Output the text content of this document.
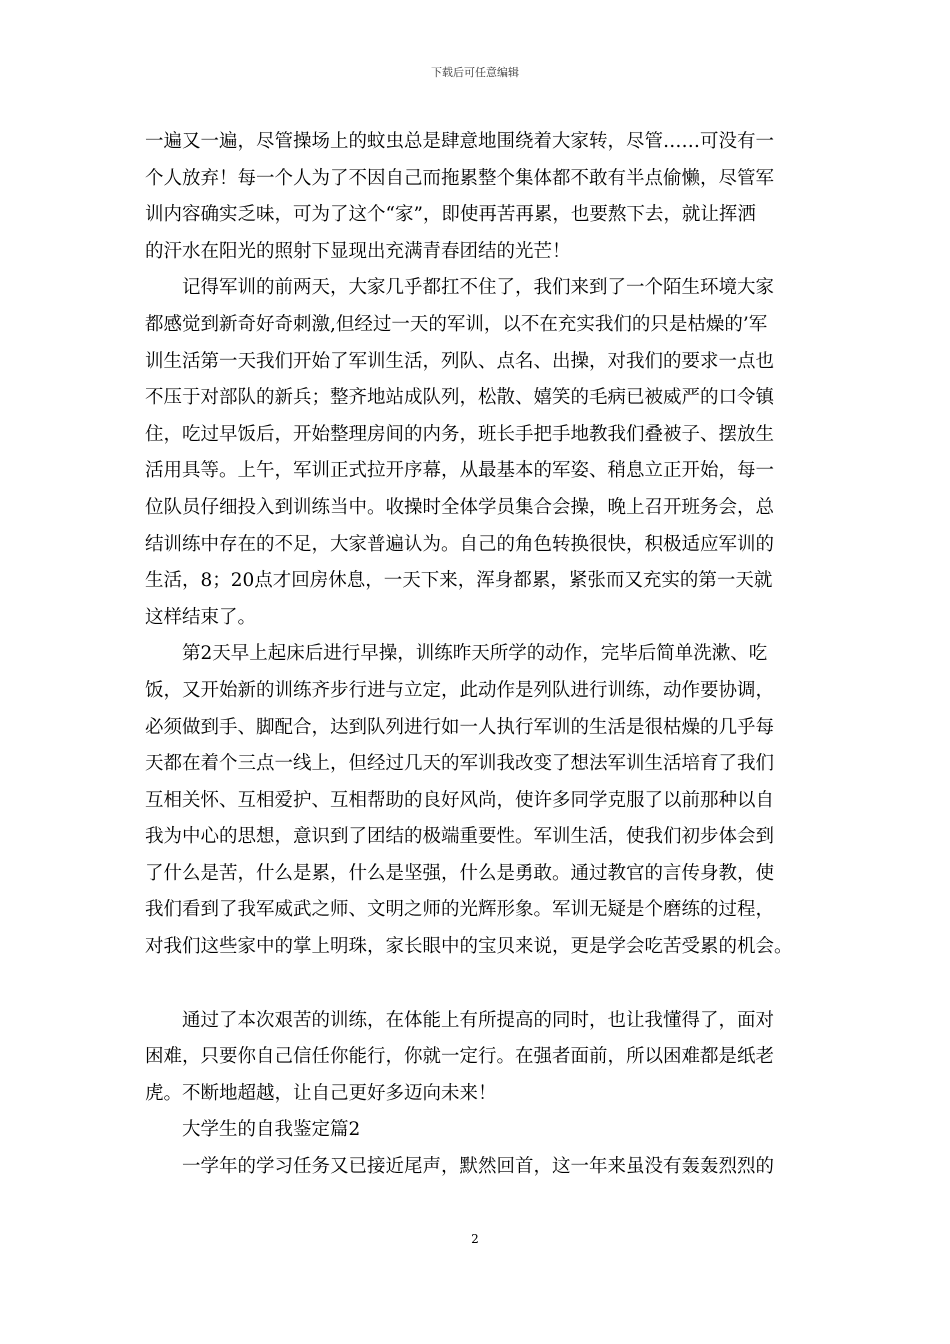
下载后可任意编辑
一遍又一遍，尽管操场上的蚊虫总是肆意地围绕着大家转，尽管……可没有一
个人放弃！每一个人为了不因自己而拖累整个集体都不敢有半点偷懒，尽管军
训内容确实乏味，可为了这个“家”，即使再苦再累，也要熬下去，就让挥洒
的汗水在阳光的照射下显现出充满青春团结的光芒！
　　记得军训的前两天，大家几乎都扛不住了，我们来到了一个陌生环境大家
都感觉到新奇好奇刺激,但经过一天的军训，以不在充实我们的只是枯燥的’军
训生活第一天我们开始了军训生活，列队、点名、出操，对我们的要求一点也
不压于对部队的新兵；整齐地站成队列，松散、嬉笑的毛病已被威严的口令镇
住，吃过早饭后，开始整理房间的内务，班长手把手地教我们叠被子、摆放生
活用具等。上午，军训正式拉开序幕，从最基本的军姿、稍息立正开始，每一
位队员仔细投入到训练当中。收操时全体学员集合会操，晚上召开班务会，总
结训练中存在的不足，大家普遍认为。自己的角色转换很快，积极适应军训的
生活，8；20点才回房休息，一天下来，浑身都累，紧张而又充实的第一天就
这样结束了。
　　第2天早上起床后进行早操，训练昨天所学的动作，完毕后简单洗漱、吃
饭，又开始新的训练齐步行进与立定，此动作是列队进行训练，动作要协调，
必须做到手、脚配合，达到队列进行如一人执行军训的生活是很枯燥的几乎每
天都在着个三点一线上，但经过几天的军训我改变了想法军训生活培育了我们
互相关怀、互相爱护、互相帮助的良好风尚，使许多同学克服了以前那种以自
我为中心的思想，意识到了团结的极端重要性。军训生活，使我们初步体会到
了什么是苦，什么是累，什么是坚强，什么是勇敢。通过教官的言传身教，使
我们看到了我军威武之师、文明之师的光辉形象。军训无疑是个磨练的过程，
对我们这些家中的掌上明珠，家长眼中的宝贝来说，更是学会吃苦受累的机会。
　　通过了本次艰苦的训练，在体能上有所提高的同时，也让我懂得了，面对
困难，只要你自己信任你能行，你就一定行。在强者面前，所以困难都是纸老
虎。不断地超越，让自己更好多迈向未来！
　　大学生的自我鉴定篇2
　　一学年的学习任务又已接近尾声，默然回首，这一年来虽没有轰轰烈烈的
2
